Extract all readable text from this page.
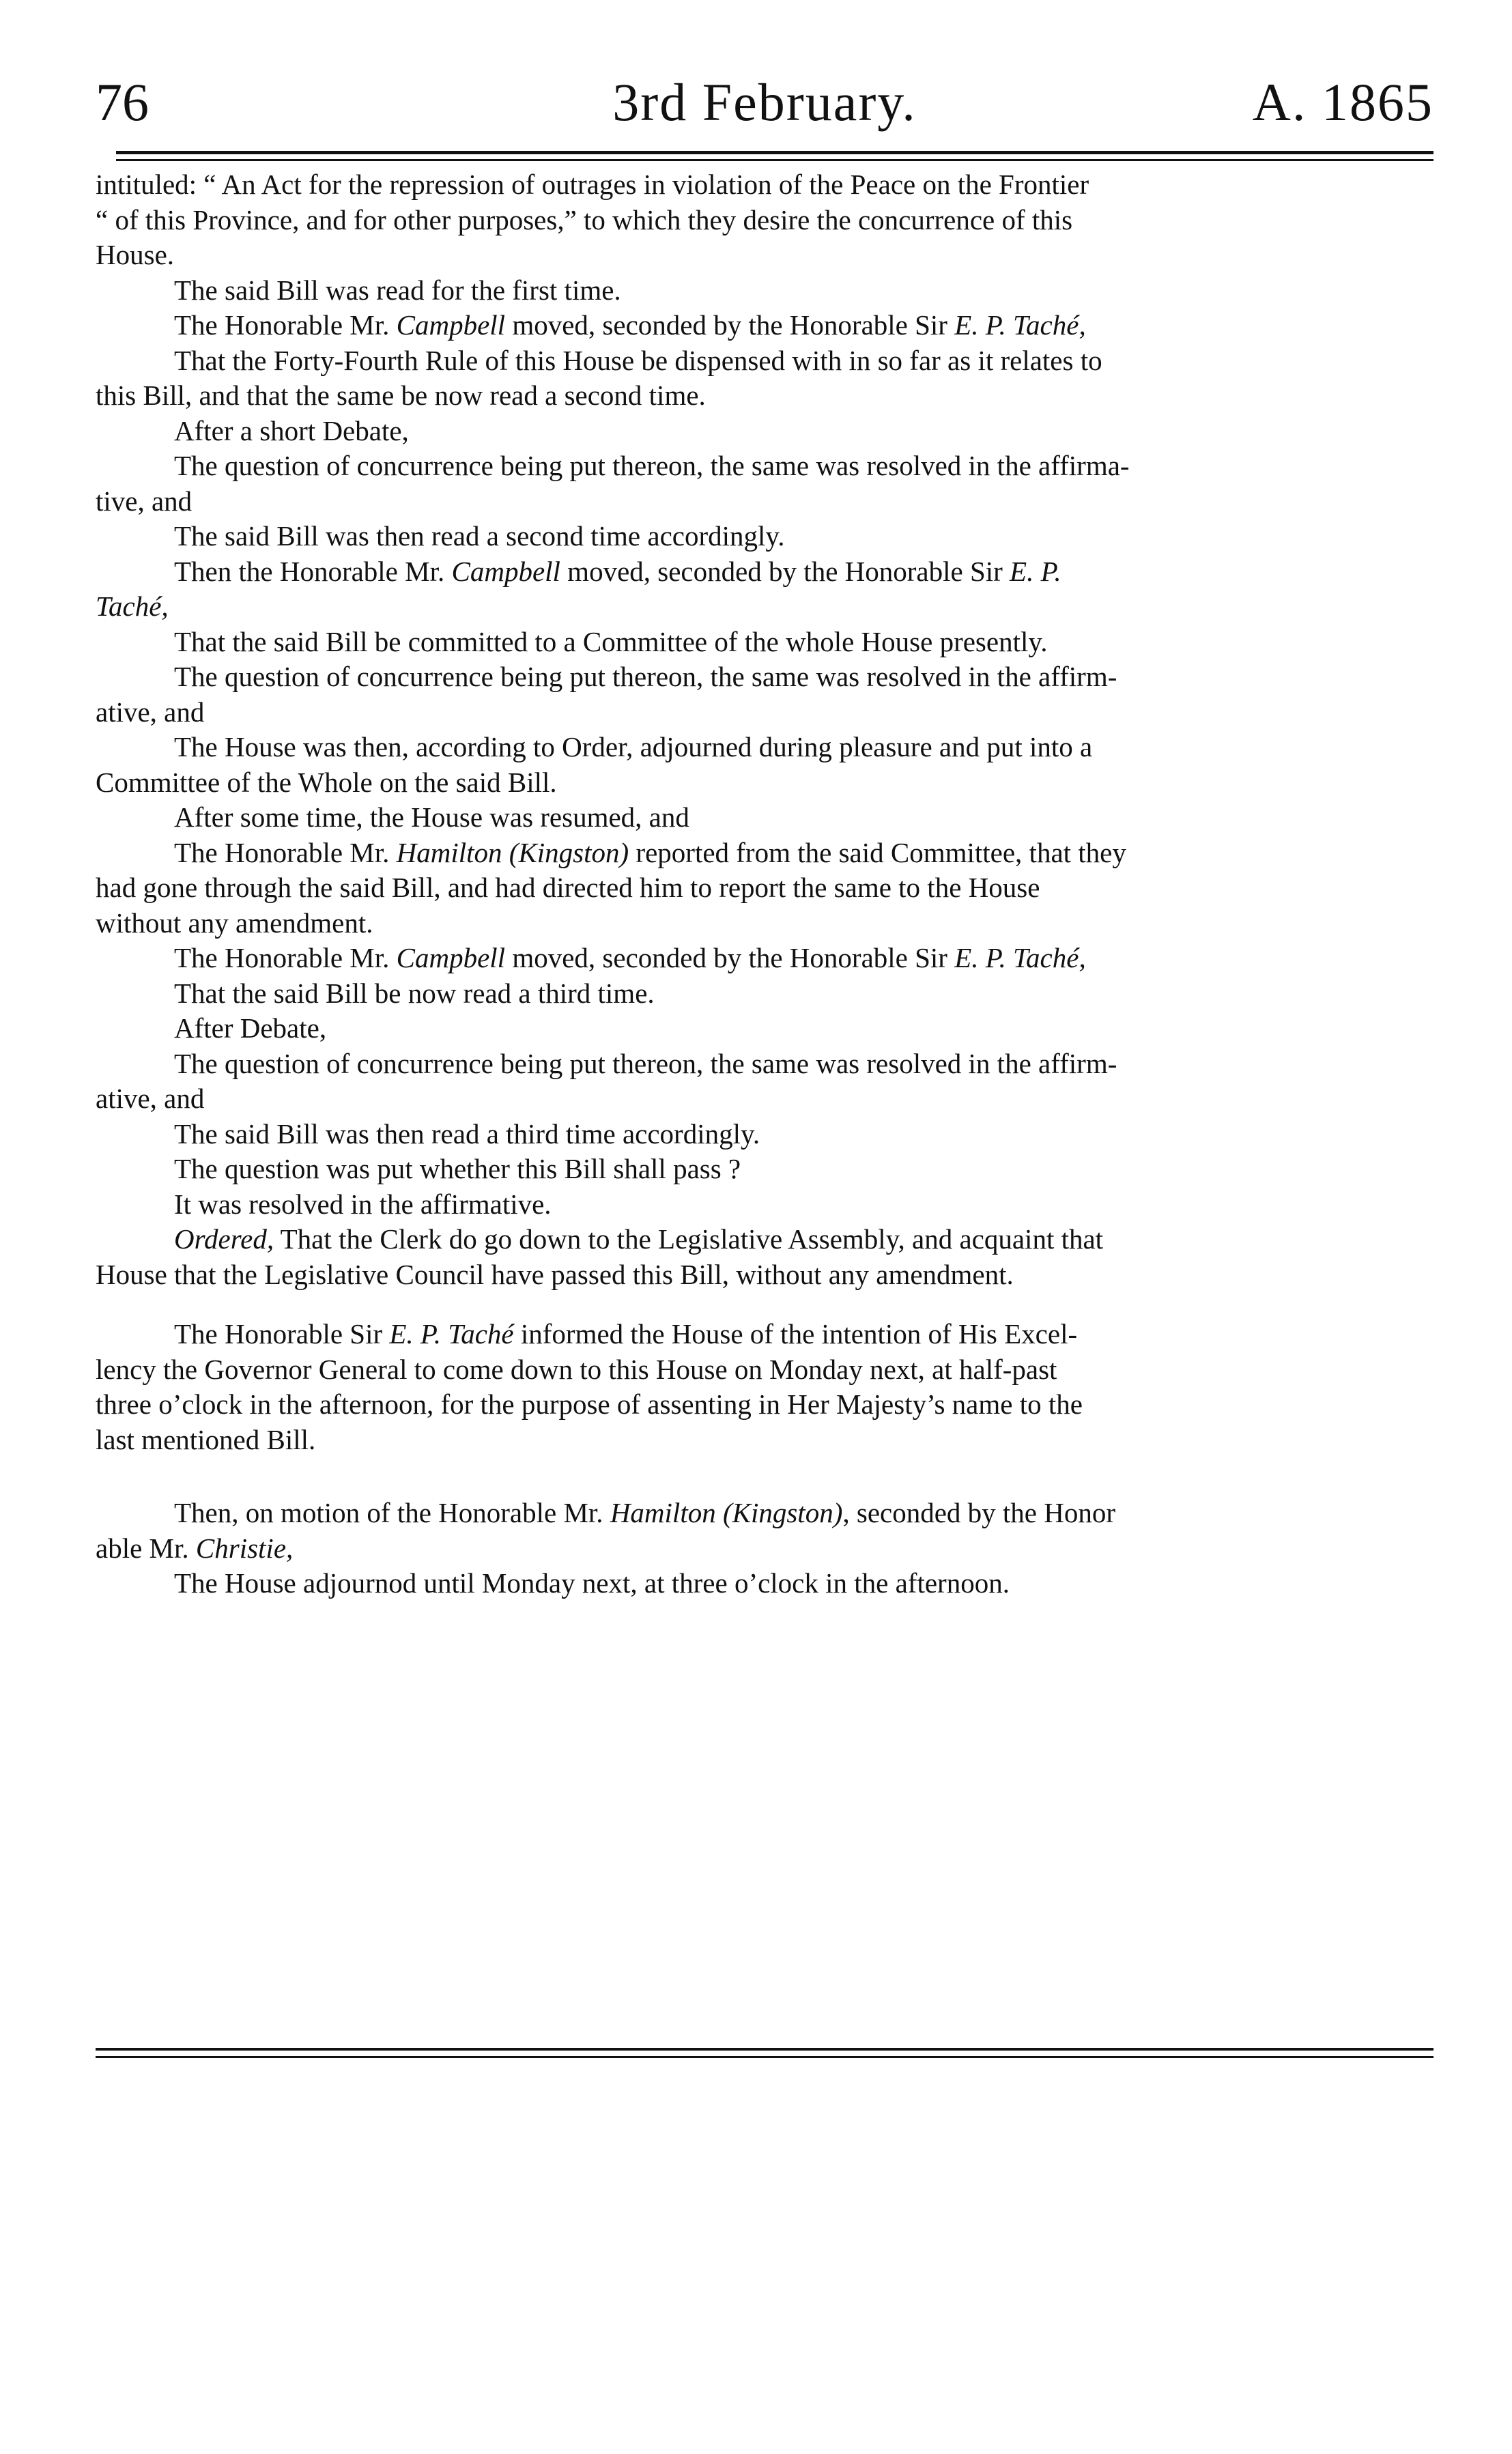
76	3rd February.	A. 1865
intituled: “ An Act for the repression of outrages in violation of the Peace on the Frontier
“ of this Province, and for other purposes,” to which they desire the concurrence of this
House.
The said Bill was read for the first time.
The Honorable Mr. Campbell moved, seconded by the Honorable Sir E. P. Taché,
That the Forty-Fourth Rule of this House be dispensed with in so far as it relates to
this Bill, and that the same be now read a second time.
After a short Debate,
The question of concurrence being put thereon, the same was resolved in the affirma-
tive, and
The said Bill was then read a second time accordingly.
Then the Honorable Mr. Campbell moved, seconded by the Honorable Sir E. P.
Taché,
That the said Bill be committed to a Committee of the whole House presently.
The question of concurrence being put thereon, the same was resolved in the affirm-
ative, and
The House was then, according to Order, adjourned during pleasure and put into a
Committee of the Whole on the said Bill.
After some time, the House was resumed, and
The Honorable Mr. Hamilton (Kingston) reported from the said Committee, that they
had gone through the said Bill, and had directed him to report the same to the House
without any amendment.
The Honorable Mr. Campbell moved, seconded by the Honorable Sir E. P. Taché,
That the said Bill be now read a third time.
After Debate,
The question of concurrence being put thereon, the same was resolved in the affirm-
ative, and
The said Bill was then read a third time accordingly.
The question was put whether this Bill shall pass ?
It was resolved in the affirmative.
Ordered, That the Clerk do go down to the Legislative Assembly, and acquaint that
House that the Legislative Council have passed this Bill, without any amendment.
The Honorable Sir E. P. Taché informed the House of the intention of His Excel-
lency the Governor General to come down to this House on Monday next, at half-past
three o’clock in the afternoon, for the purpose of assenting in Her Majesty’s name to the
last mentioned Bill.
Then, on motion of the Honorable Mr. Hamilton (Kingston), seconded by the Honor
able Mr. Christie,
The House adjournod until Monday next, at three o’clock in the afternoon.
